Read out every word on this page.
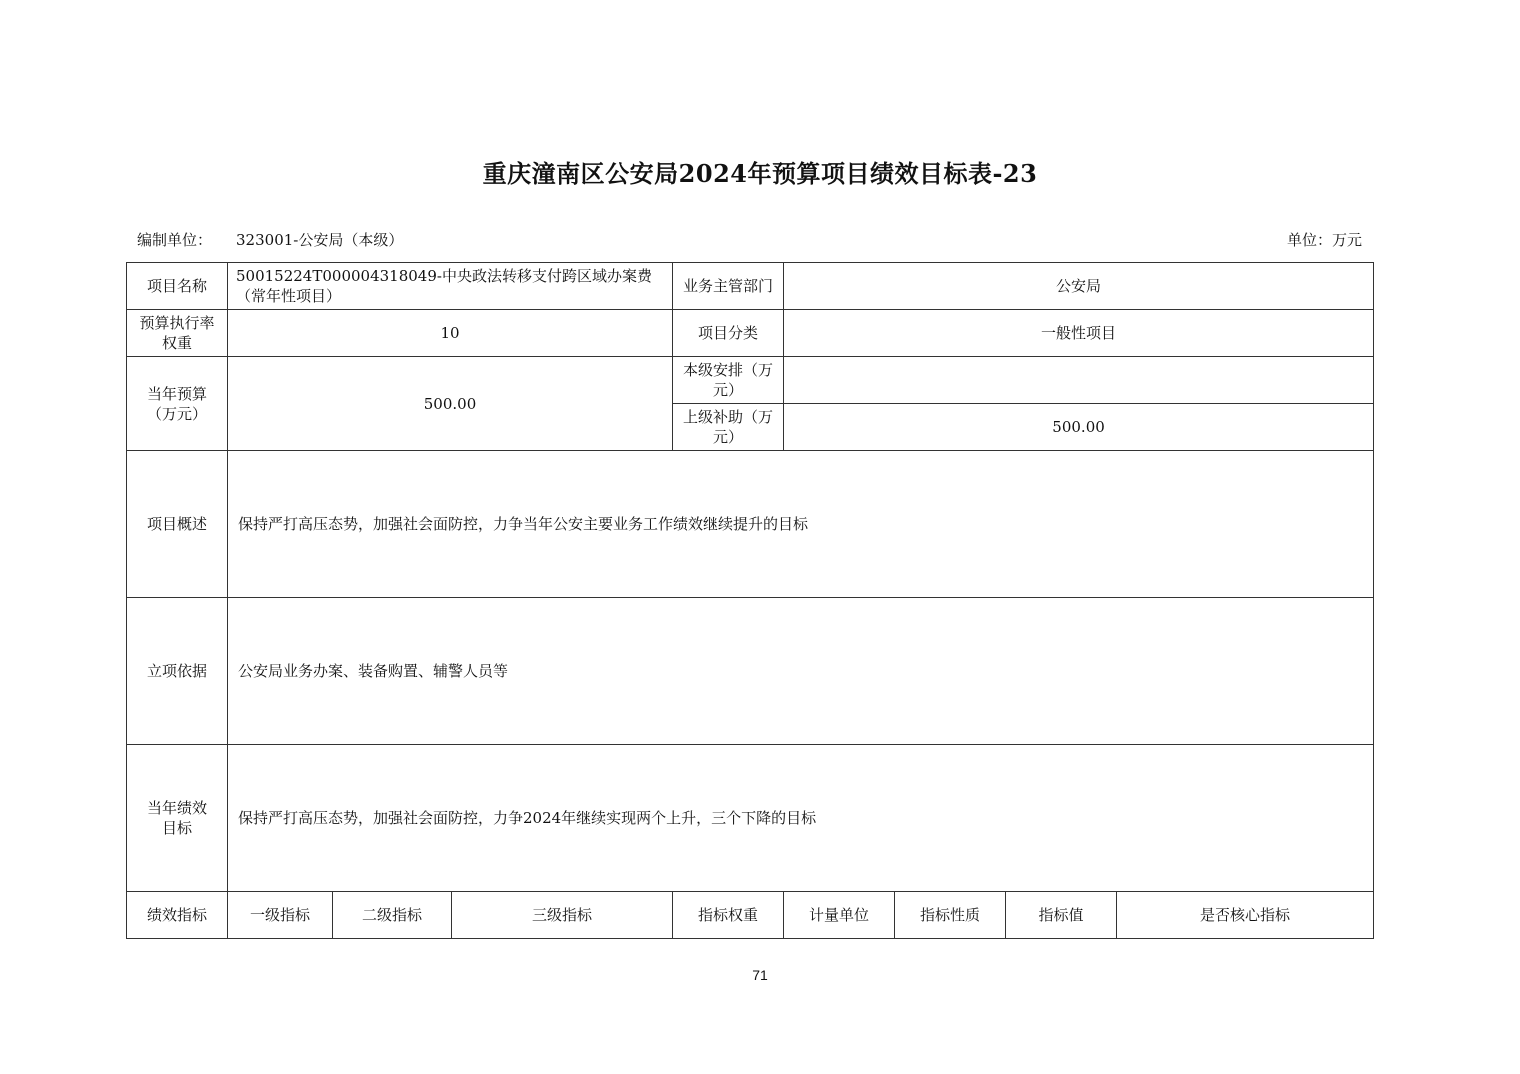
重庆潼南区公安局2024年预算项目绩效目标表-23
编制单位： 323001-公安局（本级）	单位：万元
项目名称	50015224T000004318049-中央政法转移支付跨区域办案费（常年性项目）			业务主管部门	公安局			
预算执行率权重	10			项目分类	一般性项目			
当年预算（万元）	500.00			本级安排（万元）				
				上级补助（万元）	500.00			
项目概述	保持严打高压态势，加强社会面防控，力争当年公安主要业务工作绩效继续提升的目标							
立项依据	公安局业务办案、装备购置、辅警人员等							
当年绩效目标	保持严打高压态势，加强社会面防控，力争2024年继续实现两个上升，三个下降的目标							
绩效指标	一级指标	二级指标	三级指标	指标权重	计量单位	指标性质	指标值	是否核心指标
71
